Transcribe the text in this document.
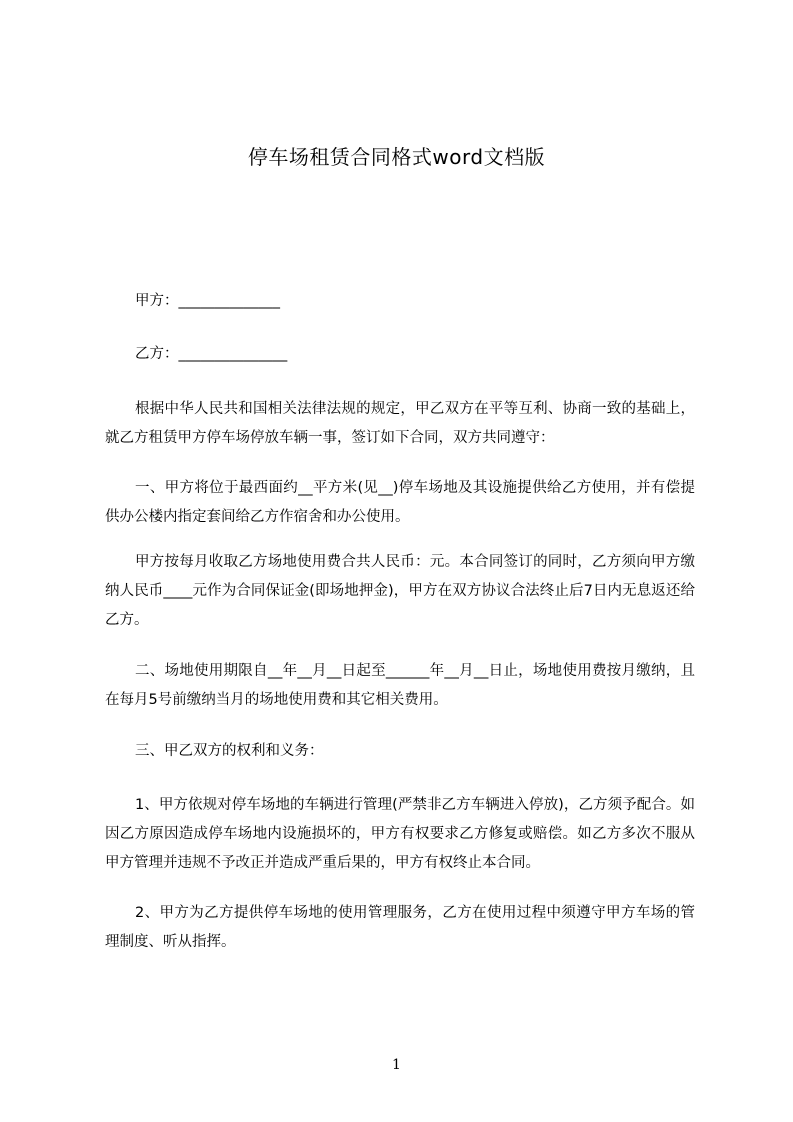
停车场租赁合同格式word文档版

甲方：______________

乙方：_______________

根据中华人民共和国相关法律法规的规定，甲乙双方在平等互利、协商一致的基础上，就乙方租赁甲方停车场停放车辆一事，签订如下合同，双方共同遵守：

一、甲方将位于最西面约__平方米(见__)停车场地及其设施提供给乙方使用，并有偿提供办公楼内指定套间给乙方作宿舍和办公使用。

甲方按每月收取乙方场地使用费合共人民币：元。本合同签订的同时，乙方须向甲方缴纳人民币____元作为合同保证金(即场地押金)，甲方在双方协议合法终止后7日内无息返还给乙方。

二、场地使用期限自__年__月__日起至______年__月__日止，场地使用费按月缴纳，且在每月5号前缴纳当月的场地使用费和其它相关费用。

三、甲乙双方的权利和义务：

1、甲方依规对停车场地的车辆进行管理(严禁非乙方车辆进入停放)，乙方须予配合。如因乙方原因造成停车场地内设施损坏的，甲方有权要求乙方修复或赔偿。如乙方多次不服从甲方管理并违规不予改正并造成严重后果的，甲方有权终止本合同。

2、甲方为乙方提供停车场地的使用管理服务，乙方在使用过程中须遵守甲方车场的管理制度、听从指挥。

1
